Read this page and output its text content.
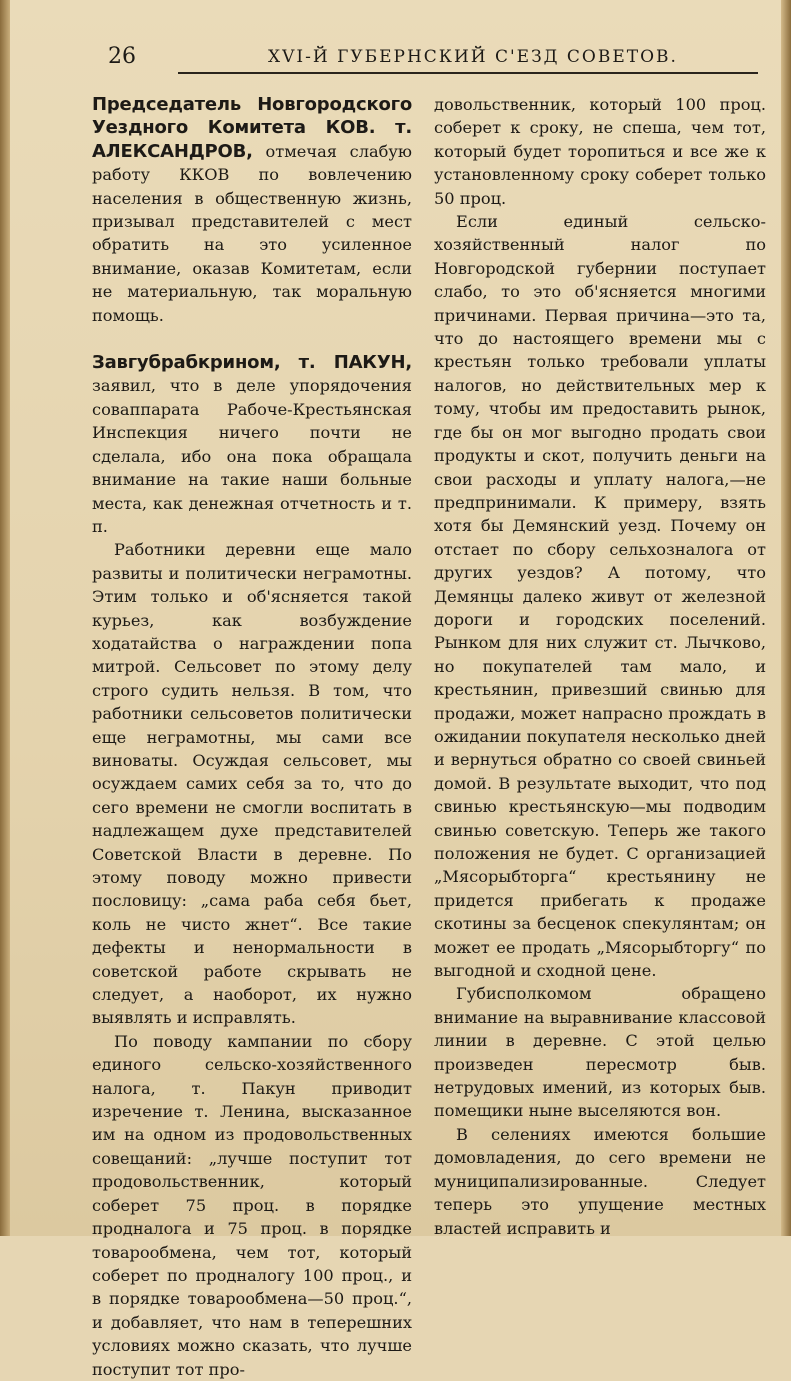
26	XVI-Й ГУБЕРНСКИЙ С'ЕЗД СОВЕТОВ.

Председатель Новгородского Уездного Комитета КОВ. т. АЛЕКСАНДРОВ, отмечая слабую работу ККОВ по вовлечению населения в общественную жизнь, призывал представителей с мест обратить на это усиленное внимание, оказав Комитетам, если не материальную, так моральную помощь.

Завгубрабкрином, т. ПАКУН, заявил, что в деле упорядочения соваппарата Рабоче-Крестьянская Инспекция ничего почти не сделала, ибо она пока обращала внимание на такие наши больные места, как денежная отчетность и т. п.

Работники деревни еще мало развиты и политически неграмотны. Этим только и об'ясняется такой курьез, как возбуждение ходатайства о награждении попа митрой. Сельсовет по этому делу строго судить нельзя. В том, что работники сельсоветов политически еще неграмотны, мы сами все виноваты. Осуждая сельсовет, мы осуждаем самих себя за то, что до сего времени не смогли воспитать в надлежащем духе представителей Советской Власти в деревне. По этому поводу можно привести пословицу: „сама раба себя бьет, коль не чисто жнет“. Все такие дефекты и ненормальности в советской работе скрывать не следует, а наоборот, их нужно выявлять и исправлять.

По поводу кампании по сбору единого сельско-хозяйственного налога, т. Пакун приводит изречение т. Ленина, высказанное им на одном из продовольственных совещаний: „лучше поступит тот продовольственник, который соберет 75 проц. в порядке продналога и 75 проц. в порядке товарообмена, чем тот, который соберет по продналогу 100 проц., и в порядке товарообмена—50 проц.“, и добавляет, что нам в теперешних условиях можно сказать, что лучше поступит тот про-

довольственник, который 100 проц. соберет к сроку, не спеша, чем тот, который будет торопиться и все же к установленному сроку соберет только 50 проц.

Если единый сельско-хозяйственный налог по Новгородской губернии поступает слабо, то это об'ясняется многими причинами. Первая причина—это та, что до настоящего времени мы с крестьян только требовали уплаты налогов, но действительных мер к тому, чтобы им предоставить рынок, где бы он мог выгодно продать свои продукты и скот, получить деньги на свои расходы и уплату налога,—не предпринимали. К примеру, взять хотя бы Демянский уезд. Почему он отстает по сбору сельхозналога от других уездов? А потому, что Демянцы далеко живут от железной дороги и городских поселений. Рынком для них служит ст. Лычково, но покупателей там мало, и крестьянин, привезший свинью для продажи, может напрасно прождать в ожидании покупателя несколько дней и вернуться обратно со своей свиньей домой. В результате выходит, что под свинью крестьянскую—мы подводим свинью советскую. Теперь же такого положения не будет. С организацией „Мясорыбторга“ крестьянину не придется прибегать к продаже скотины за бесценок спекулянтам; он может ее продать „Мясорыбторгу“ по выгодной и сходной цене.

Губисполкомом обращено внимание на выравнивание классовой линии в деревне. С этой целью произведен пересмотр быв. нетрудовых имений, из которых быв. помещики ныне выселяются вон.

В селениях имеются большие домовладения, до сего времени не муниципализированные. Следует теперь это упущение местных властей исправить и
